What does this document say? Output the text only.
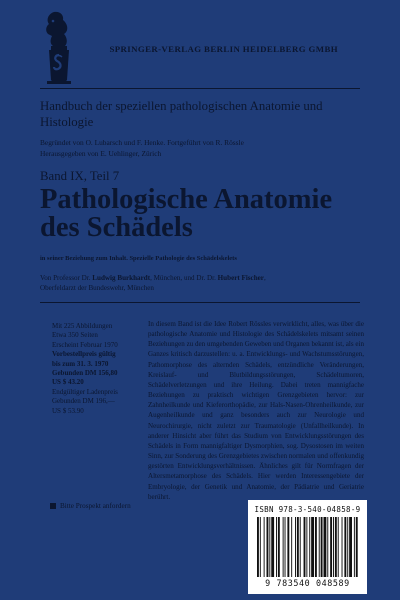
SPRINGER-VERLAG BERLIN HEIDELBERG GMBH
Handbuch der speziellen pathologischen Anatomie und Histologie
Begründet von O. Lubarsch und F. Henke. Fortgeführt von R. Rössle
Herausgegeben von E. Uehlinger, Zürich
Band IX, Teil 7
Pathologische Anatomie
des Schädels
in seiner Beziehung zum Inhalt. Spezielle Pathologie des Schädelskelets
Von Professor Dr. Ludwig Burkhardt, München, und Dr. Dr. Hubert Fischer,
Oberfeldarzt der Bundeswehr, München
Mit 225 Abbildungen
Etwa 350 Seiten
Erscheint Februar 1970
Vorbestellpreis gültig
bis zum 31. 3. 1970
Gebunden DM 156,80
US $ 43.20
Endgültiger Ladenpreis
Gebunden DM 196,—
US $ 53.90
Bitte Prospekt anfordern
In diesem Band ist die Idee Robert Rössles verwirklicht, alles, was über die pathologische Anatomie und Histologie des Schädelskelets mitsamt seinen Beziehungen zu den umgebenden Geweben und Organen bekannt ist, als ein Ganzes kritisch darzustellen: u. a. Entwicklungs- und Wachstumsstörungen, Pathomorphose des alternden Schädels, entzündliche Veränderungen, Kreislauf- und Blutbildungsstörungen, Schädeltumoren, Schädelverletzungen und ihre Heilung. Dabei treten mannigfache Beziehungen zu praktisch wichtigen Grenzgebieten hervor: zur Zahnheilkunde und Kieferorthopädie, zur Hals-Nasen-Ohrenheilkunde, zur Augenheilkunde und ganz besonders auch zur Neurologie und Neurochirurgie, nicht zuletzt zur Traumatologie (Unfallheilkunde). In anderer Hinsicht aber führt das Studium von Entwicklungsstörungen des Schädels in Form mannigfaltiger Dysmorphien, sog. Dysostosen im weiten Sinn, zur Sonderung des Grenzgebietes zwischen normalen und offenkundig gestörten Entwicklungsverhältnissen. Ähnliches gilt für Normfragen der Altersmetamorphose des Schädels. Hier werden Interessengebiete der Embryologie, der Genetik und Anatomie, der Pädiatrie und Geriatrie berührt.
ISBN 978-3-540-04858-9
9 783540 048589
